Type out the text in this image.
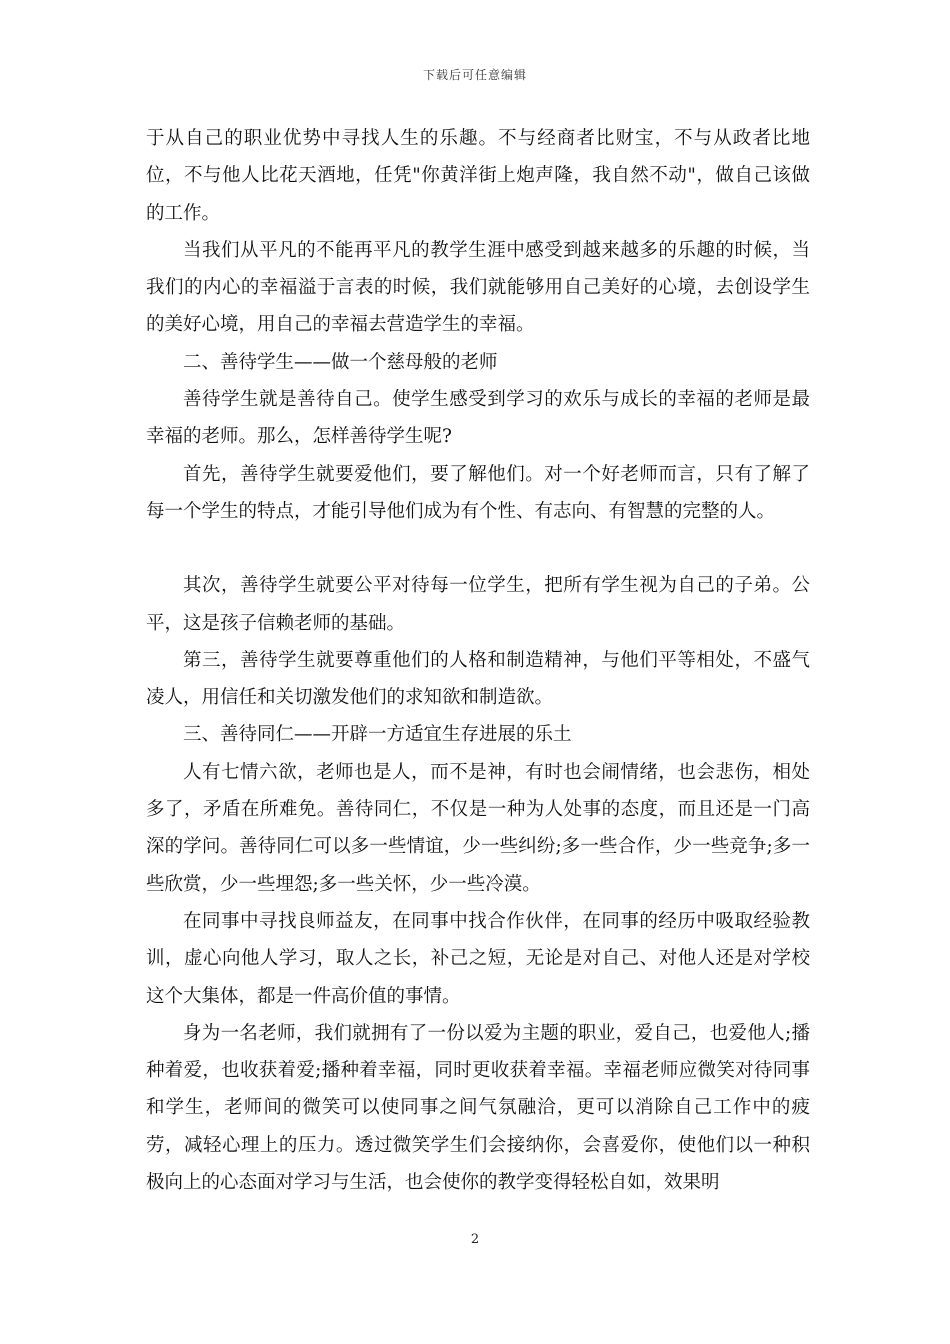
下载后可任意编辑

于从自己的职业优势中寻找人生的乐趣。不与经商者比财宝，不与从政者比地位，不与他人比花天酒地，任凭"你黄洋街上炮声隆，我自然不动"，做自己该做的工作。

当我们从平凡的不能再平凡的教学生涯中感受到越来越多的乐趣的时候，当我们的内心的幸福溢于言表的时候，我们就能够用自己美好的心境，去创设学生的美好心境，用自己的幸福去营造学生的幸福。

二、善待学生——做一个慈母般的老师

善待学生就是善待自己。使学生感受到学习的欢乐与成长的幸福的老师是最幸福的老师。那么，怎样善待学生呢?

首先，善待学生就要爱他们，要了解他们。对一个好老师而言，只有了解了每一个学生的特点，才能引导他们成为有个性、有志向、有智慧的完整的人。

其次，善待学生就要公平对待每一位学生，把所有学生视为自己的子弟。公平，这是孩子信赖老师的基础。

第三，善待学生就要尊重他们的人格和制造精神，与他们平等相处，不盛气凌人，用信任和关切激发他们的求知欲和制造欲。

三、善待同仁——开辟一方适宜生存进展的乐土

人有七情六欲，老师也是人，而不是神，有时也会闹情绪，也会悲伤，相处多了，矛盾在所难免。善待同仁，不仅是一种为人处事的态度，而且还是一门高深的学问。善待同仁可以多一些情谊，少一些纠纷;多一些合作，少一些竞争;多一些欣赏，少一些埋怨;多一些关怀，少一些冷漠。

在同事中寻找良师益友，在同事中找合作伙伴，在同事的经历中吸取经验教训，虚心向他人学习，取人之长，补己之短，无论是对自己、对他人还是对学校这个大集体，都是一件高价值的事情。

身为一名老师，我们就拥有了一份以爱为主题的职业，爱自己，也爱他人;播种着爱，也收获着爱;播种着幸福，同时更收获着幸福。幸福老师应微笑对待同事和学生，老师间的微笑可以使同事之间气氛融洽，更可以消除自己工作中的疲劳，减轻心理上的压力。透过微笑学生们会接纳你，会喜爱你，使他们以一种积极向上的心态面对学习与生活，也会使你的教学变得轻松自如，效果明

2
